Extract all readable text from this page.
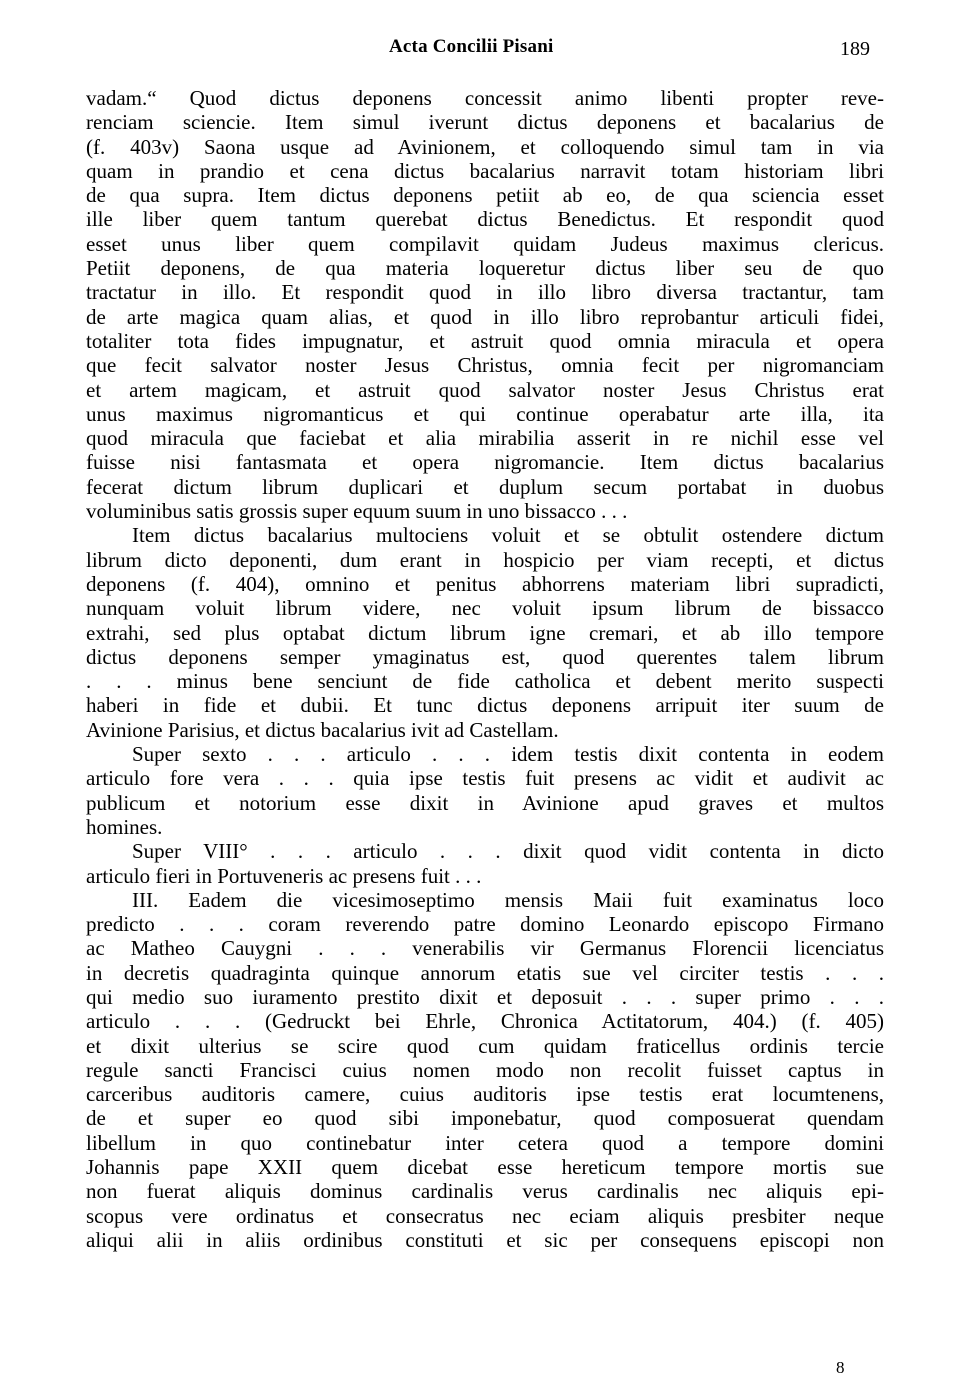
Acta Concilii Pisani	189
vadam.“ Quod dictus deponens concessit animo libenti propter reve-
renciam sciencie. Item simul iverunt dictus deponens et bacalarius de
(f. 403v) Saona usque ad Avinionem, et colloquendo simul tam in via
quam in prandio et cena dictus bacalarius narravit totam historiam libri
de qua supra. Item dictus deponens petiit ab eo, de qua sciencia esset
ille liber quem tantum querebat dictus Benedictus. Et respondit quod
esset unus liber quem compilavit quidam Judeus maximus clericus.
Petiit deponens, de qua materia loqueretur dictus liber seu de quo
tractatur in illo. Et respondit quod in illo libro diversa tractantur, tam
de arte magica quam alias, et quod in illo libro reprobantur articuli fidei,
totaliter tota fides impugnatur, et astruit quod omnia miracula et opera
que fecit salvator noster Jesus Christus, omnia fecit per nigromanciam
et artem magicam, et astruit quod salvator noster Jesus Christus erat
unus maximus nigromanticus et qui continue operabatur arte illa, ita
quod miracula que faciebat et alia mirabilia asserit in re nichil esse vel
fuisse nisi fantasmata et opera nigromancie. Item dictus bacalarius
fecerat dictum librum duplicari et duplum secum portabat in duobus
voluminibus satis grossis super equum suum in uno bissacco . . .
Item dictus bacalarius multociens voluit et se obtulit ostendere dictum
librum dicto deponenti, dum erant in hospicio per viam recepti, et dictus
deponens (f. 404), omnino et penitus abhorrens materiam libri supradicti,
nunquam voluit librum videre, nec voluit ipsum librum de bissacco
extrahi, sed plus optabat dictum librum igne cremari, et ab illo tempore
dictus deponens semper ymaginatus est, quod querentes talem librum
. . . minus bene senciunt de fide catholica et debent merito suspecti
haberi in fide et dubii. Et tunc dictus deponens arripuit iter suum de
Avinione Parisius, et dictus bacalarius ivit ad Castellam.
Super sexto . . . articulo . . . idem testis dixit contenta in eodem
articulo fore vera . . . quia ipse testis fuit presens ac vidit et audivit ac
publicum et notorium esse dixit in Avinione apud graves et multos
homines.
Super VIII° . . . articulo . . . dixit quod vidit contenta in dicto
articulo fieri in Portuveneris ac presens fuit . . .
III. Eadem die vicesimoseptimo mensis Maii fuit examinatus loco
predicto . . . coram reverendo patre domino Leonardo episcopo Firmano
ac Matheo Cauygni . . . venerabilis vir Germanus Florencii licenciatus
in decretis quadraginta quinque annorum etatis sue vel circiter testis . . .
qui medio suo iuramento prestito dixit et deposuit . . . super primo . . .
articulo . . . (Gedruckt bei Ehrle, Chronica Actitatorum, 404.) (f. 405)
et dixit ulterius se scire quod cum quidam fraticellus ordinis tercie
regule sancti Francisci cuius nomen modo non recolit fuisset captus in
carceribus auditoris camere, cuius auditoris ipse testis erat locumtenens,
de et super eo quod sibi imponebatur, quod composuerat quendam
libellum in quo continebatur inter cetera quod a tempore domini
Johannis pape XXII quem dicebat esse hereticum tempore mortis sue
non fuerat aliquis dominus cardinalis verus cardinalis nec aliquis epi-
scopus vere ordinatus et consecratus nec eciam aliquis presbiter neque
aliqui alii in aliis ordinibus constituti et sic per consequens episcopi non
8
